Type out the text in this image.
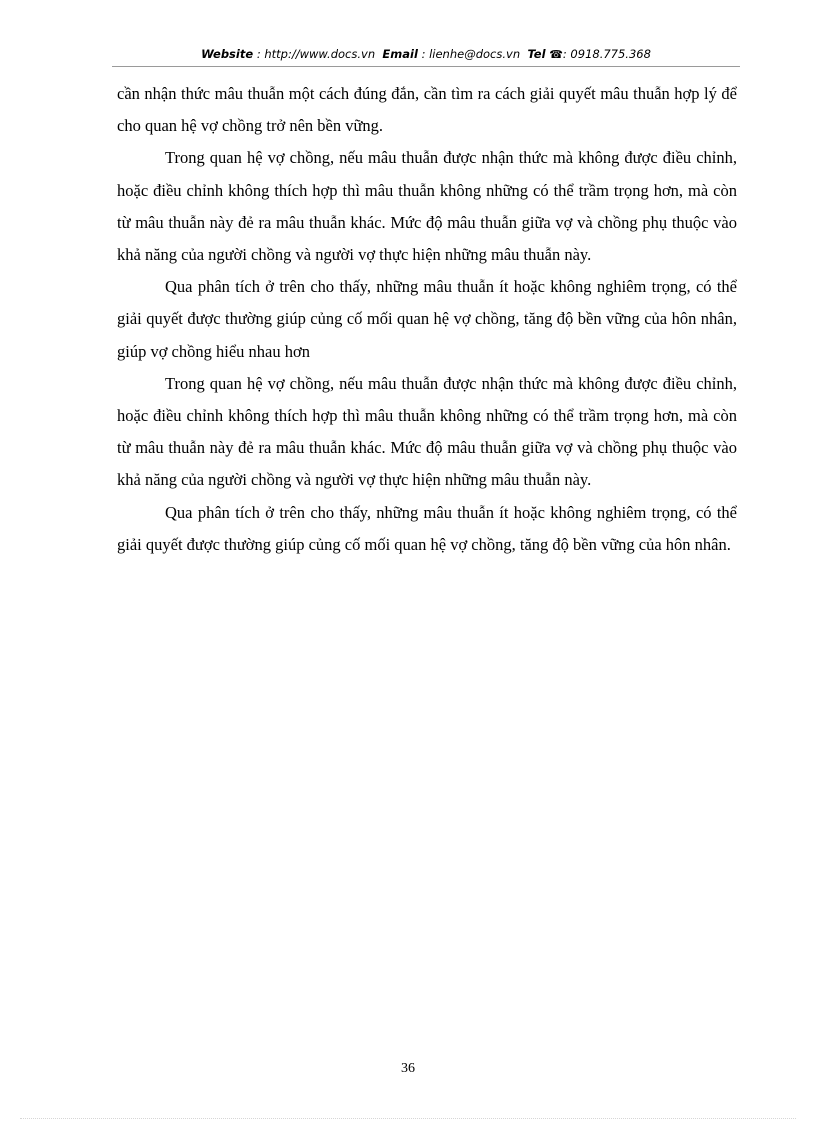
Website : http://www.docs.vn Email : lienhe@docs.vn Tel ☎: 0918.775.368

cần nhận thức mâu thuẫn một cách đúng đắn, cần tìm ra cách giải quyết mâu thuẫn hợp lý để cho quan hệ vợ chồng trở nên bền vững.

Trong quan hệ vợ chồng, nếu mâu thuẫn được nhận thức mà không được điều chỉnh, hoặc điều chỉnh không thích hợp thì mâu thuẫn không những có thể trầm trọng hơn, mà còn từ mâu thuẫn này đẻ ra mâu thuẫn khác. Mức độ mâu thuẫn giữa vợ và chồng phụ thuộc vào khả năng của người chồng và người vợ thực hiện những mâu thuẫn này.

Qua phân tích ở trên cho thấy, những mâu thuẫn ít hoặc không nghiêm trọng, có thể giải quyết được thường giúp củng cố mối quan hệ vợ chồng, tăng độ bền vững của hôn nhân, giúp vợ chồng hiểu nhau hơn

Trong quan hệ vợ chồng, nếu mâu thuẫn được nhận thức mà không được điều chỉnh, hoặc điều chỉnh không thích hợp thì mâu thuẫn không những có thể trầm trọng hơn, mà còn từ mâu thuẫn này đẻ ra mâu thuẫn khác. Mức độ mâu thuẫn giữa vợ và chồng phụ thuộc vào khả năng của người chồng và người vợ thực hiện những mâu thuẫn này.

Qua phân tích ở trên cho thấy, những mâu thuẫn ít hoặc không nghiêm trọng, có thể giải quyết được thường giúp củng cố mối quan hệ vợ chồng, tăng độ bền vững của hôn nhân.

36
